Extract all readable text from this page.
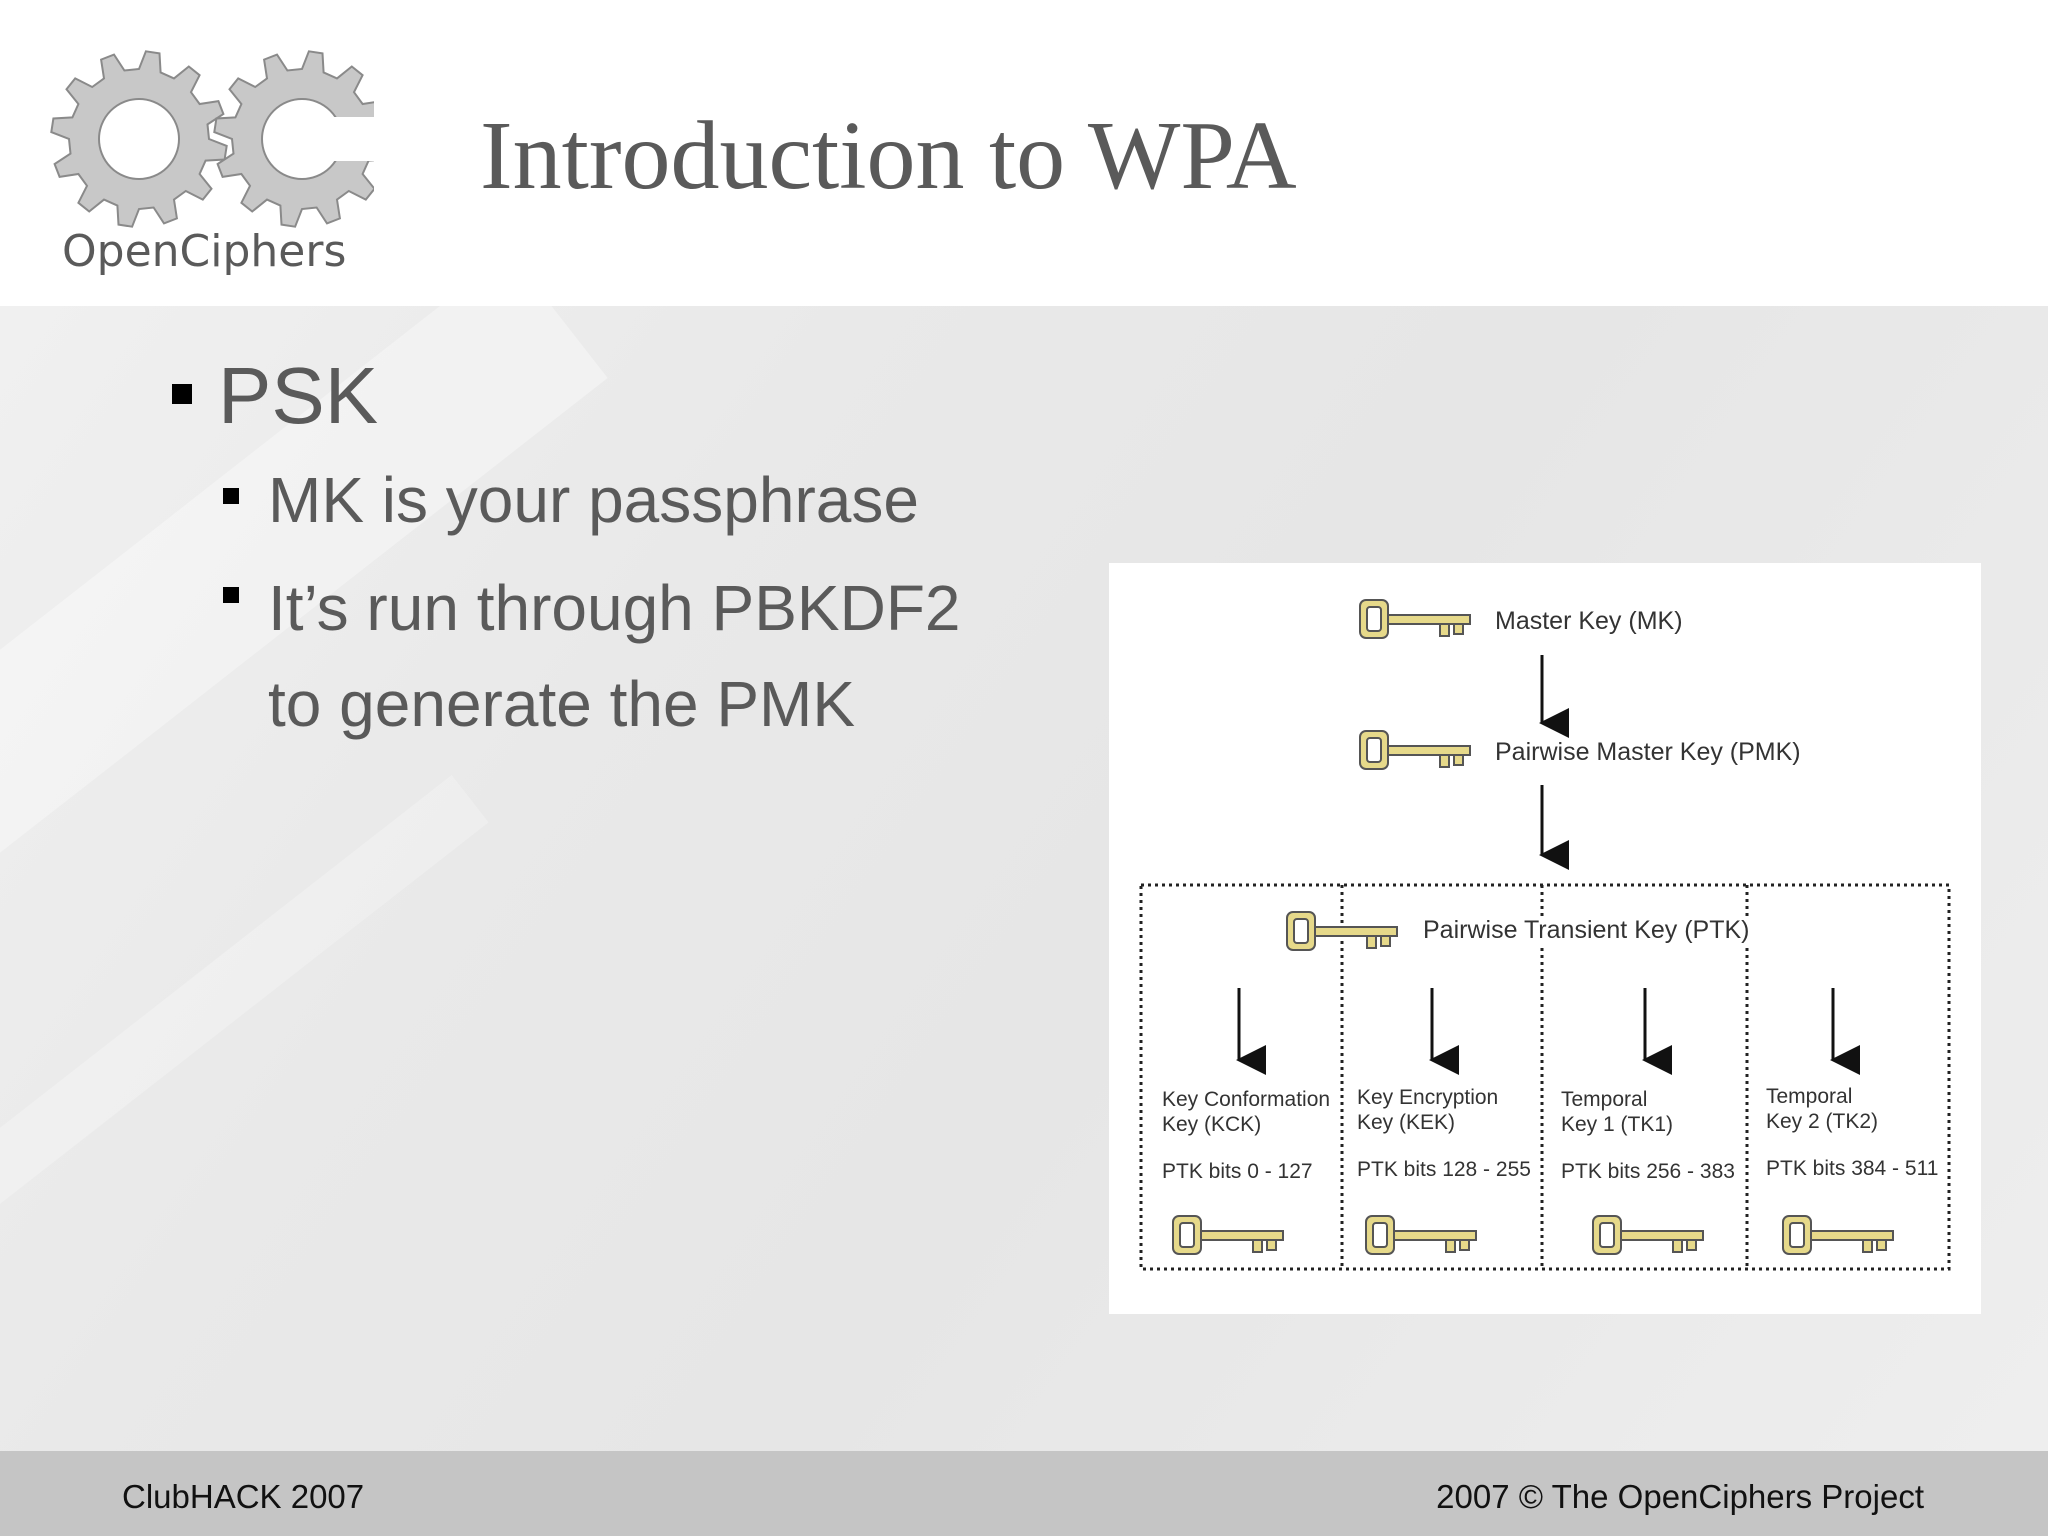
OpenCiphers
Introduction to WPA
PSK
MK is your passphrase
It’s run through PBKDF2
to generate the PMK
Master Key (MK)
Pairwise Master Key (PMK)
Pairwise Transient Key (PTK)
Key Conformation
Key (KCK)
PTK bits 0 - 127
Key Encryption
Key (KEK)
PTK bits 128 - 255
Temporal
Key 1 (TK1)
PTK bits 256 - 383
Temporal
Key 2 (TK2)
PTK bits 384 - 511
ClubHACK 2007	2007 © The OpenCiphers Project
